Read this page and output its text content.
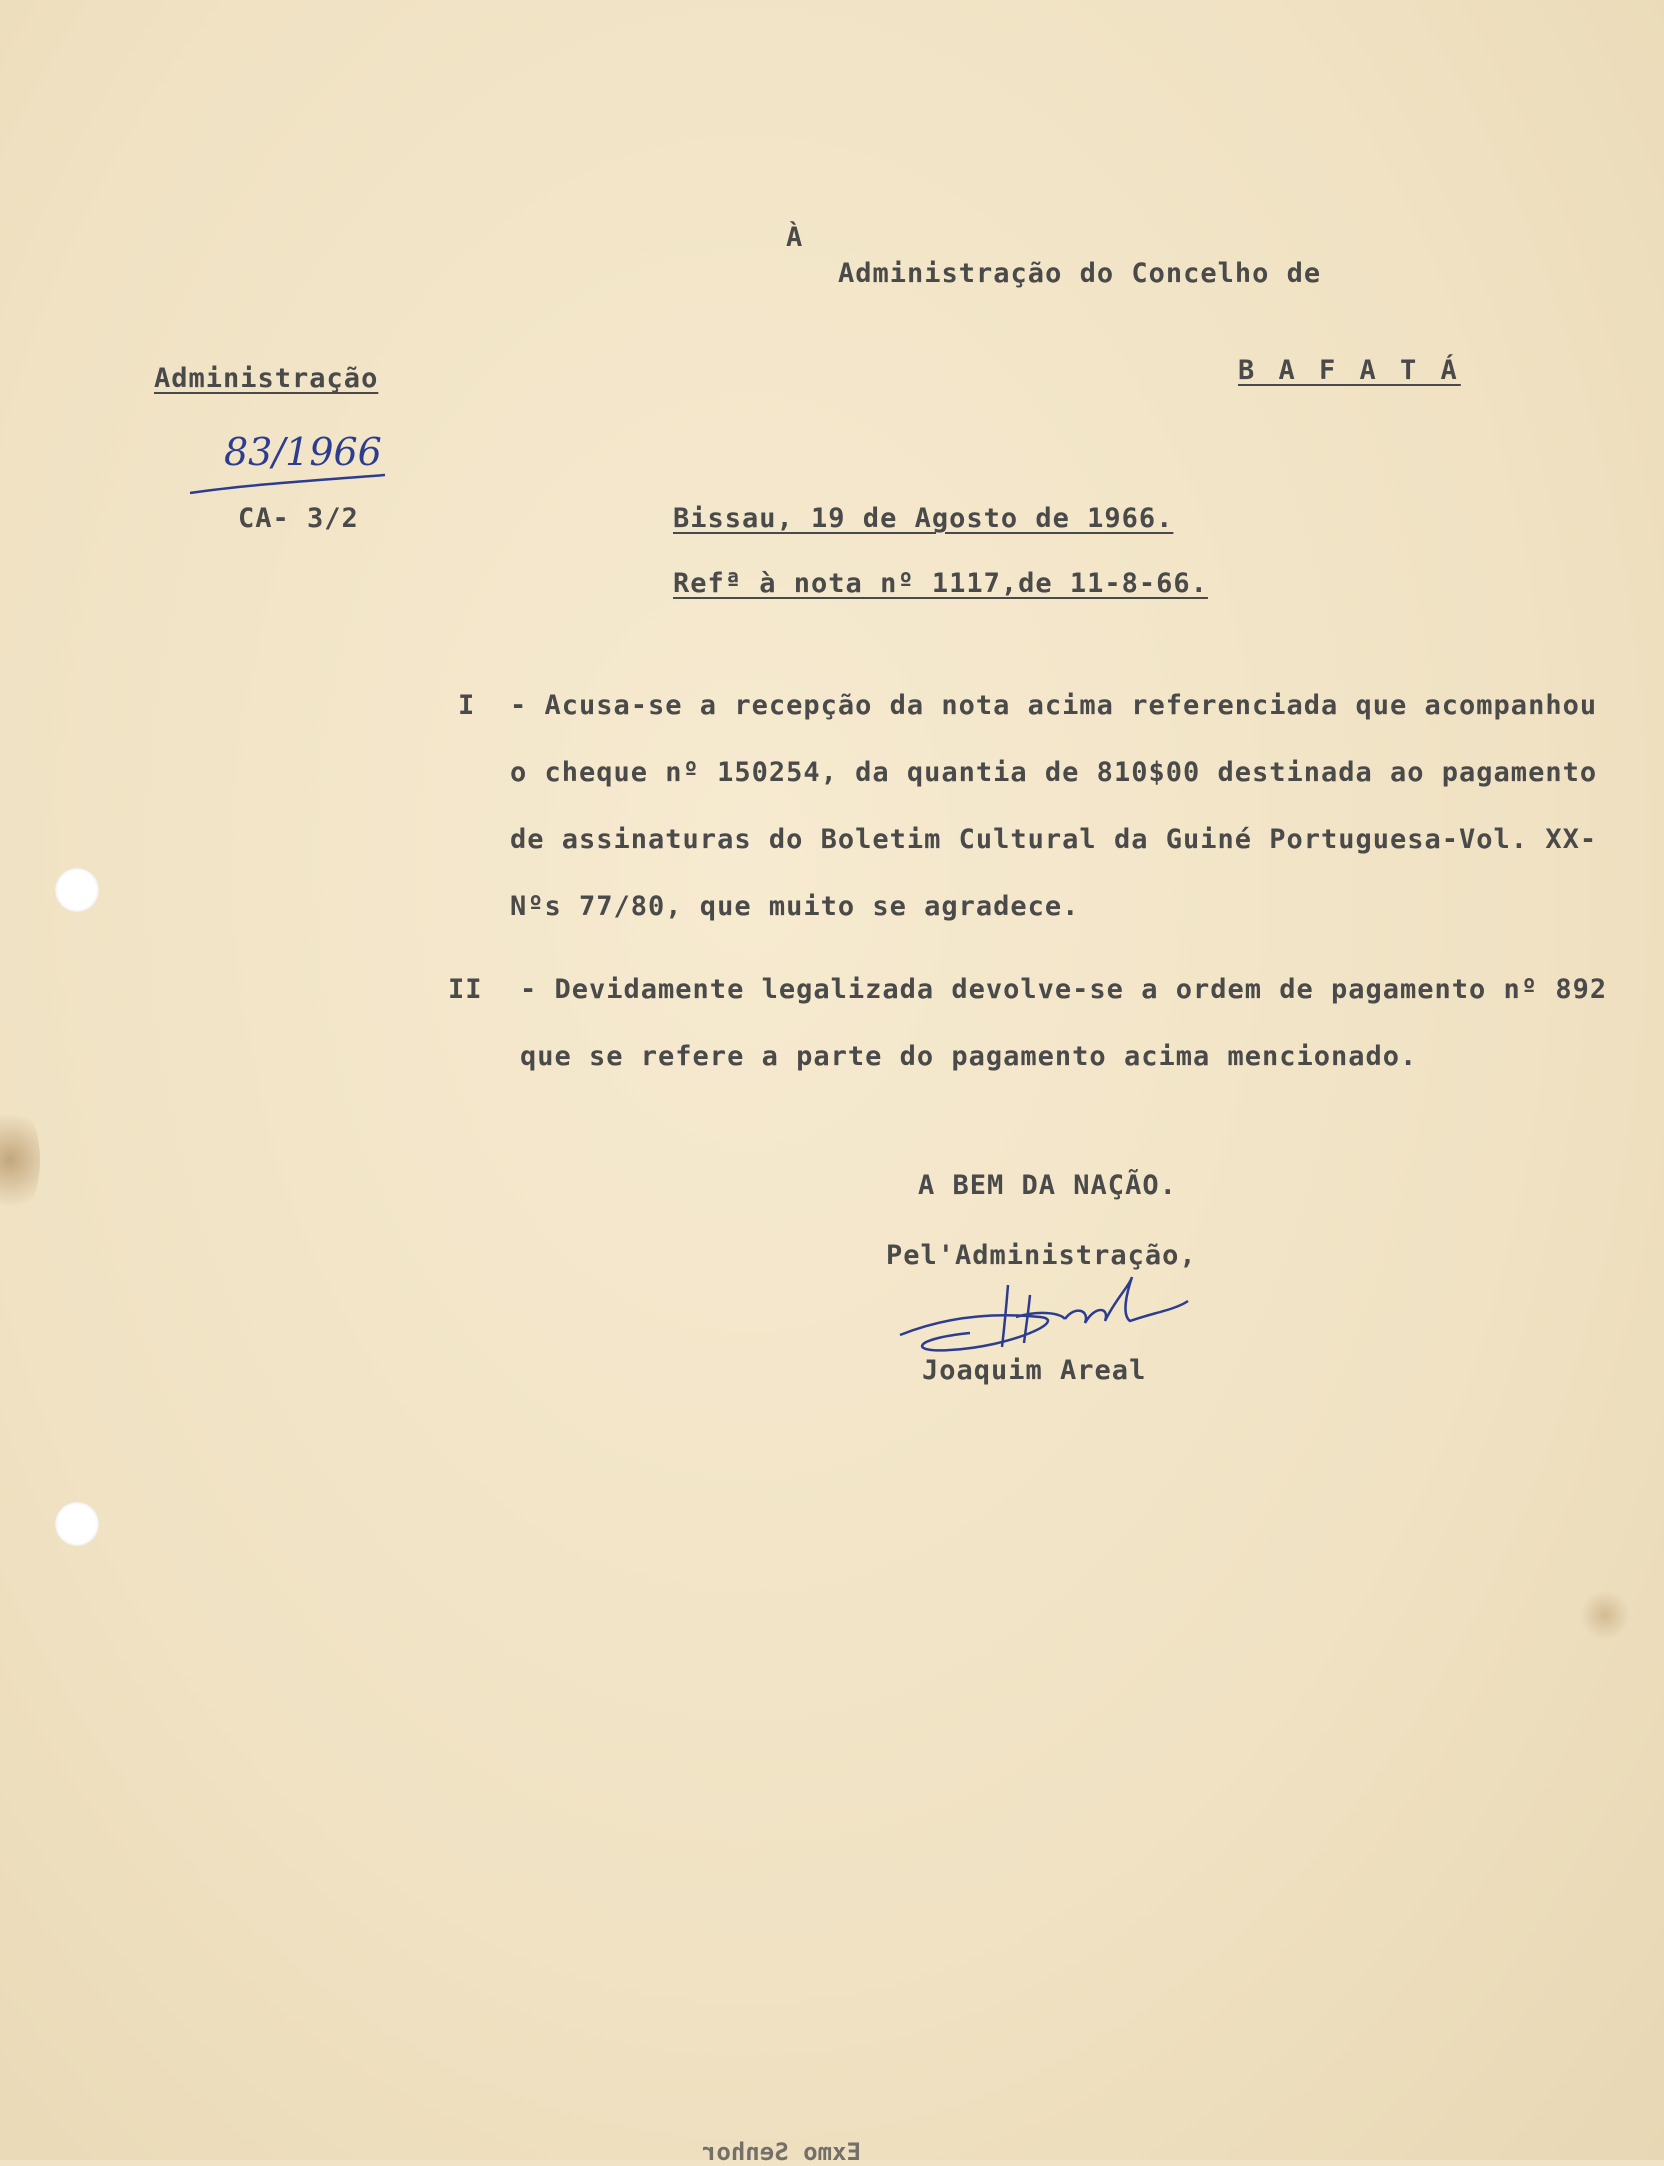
À
Administração do Concelho de
B A F A T Á
Administração
83/1966
CA- 3/2	Bissau, 19 de Agosto de 1966.
Refª à nota nº 1117,de 11-8-66.
I - Acusa-se a recepção da nota acima referenciada que acompanhou
o cheque nº 150254, da quantia de 810$00 destinada ao pagamento
de assinaturas do Boletim Cultural da Guiné Portuguesa-Vol. XX-
Nºs 77/80, que muito se agradece.
II - Devidamente legalizada devolve-se a ordem de pagamento nº 892
que se refere a parte do pagamento acima mencionado.
A BEM DA NAÇÃO.
Pel'Administração,
Joaquim Areal
Exmo Senhor
